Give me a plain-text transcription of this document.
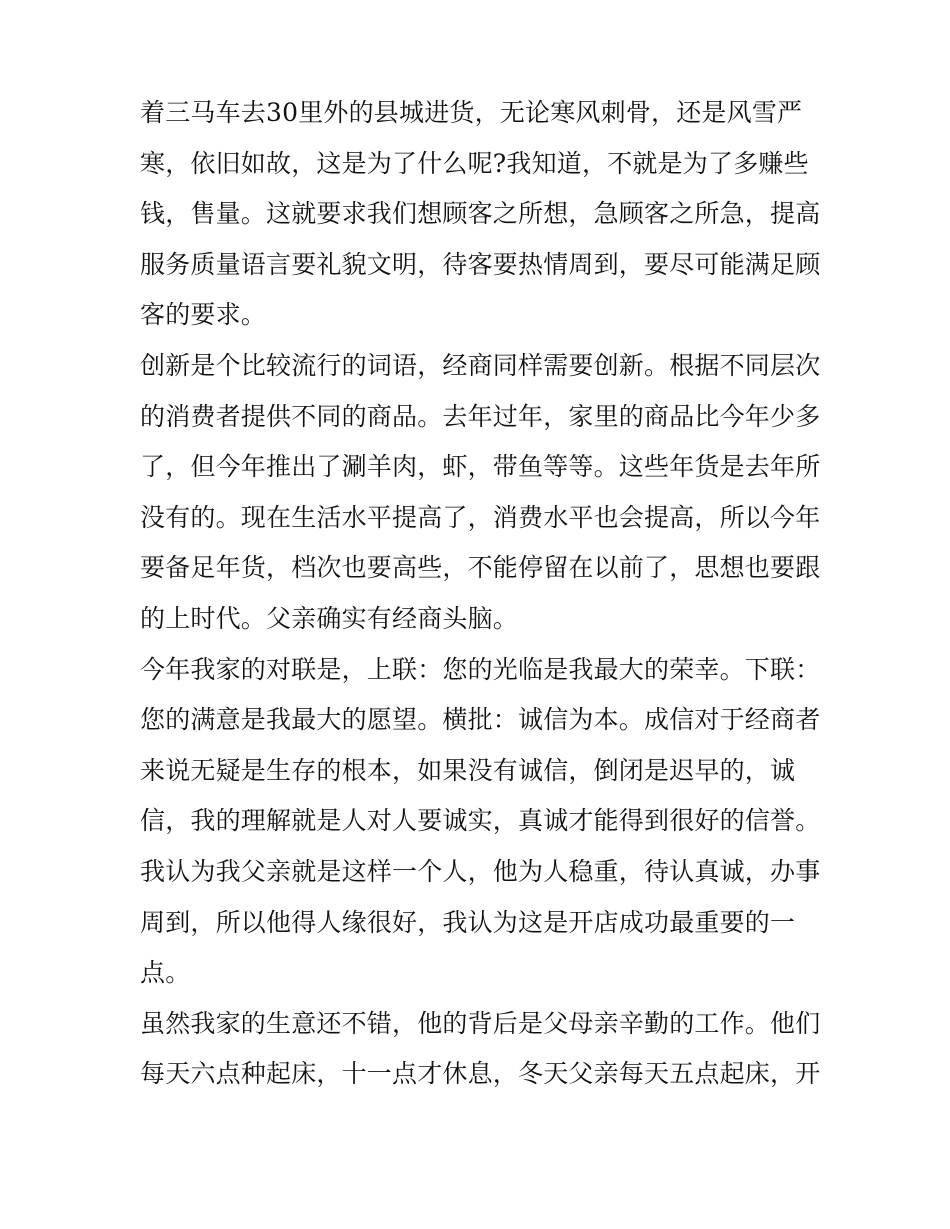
着三马车去30里外的县城进货，无论寒风刺骨，还是风雪严
寒，依旧如故，这是为了什么呢?我知道，不就是为了多赚些
钱，售量。这就要求我们想顾客之所想，急顾客之所急，提高
服务质量语言要礼貌文明，待客要热情周到，要尽可能满足顾
客的要求。
创新是个比较流行的词语，经商同样需要创新。根据不同层次
的消费者提供不同的商品。去年过年，家里的商品比今年少多
了，但今年推出了涮羊肉，虾，带鱼等等。这些年货是去年所
没有的。现在生活水平提高了，消费水平也会提高，所以今年
要备足年货，档次也要高些，不能停留在以前了，思想也要跟
的上时代。父亲确实有经商头脑。
今年我家的对联是，上联：您的光临是我最大的荣幸。下联：
您的满意是我最大的愿望。横批：诚信为本。成信对于经商者
来说无疑是生存的根本，如果没有诚信，倒闭是迟早的，诚
信，我的理解就是人对人要诚实，真诚才能得到很好的信誉。
我认为我父亲就是这样一个人，他为人稳重，待认真诚，办事
周到，所以他得人缘很好，我认为这是开店成功最重要的一
点。
虽然我家的生意还不错，他的背后是父母亲辛勤的工作。他们
每天六点种起床，十一点才休息，冬天父亲每天五点起床，开
